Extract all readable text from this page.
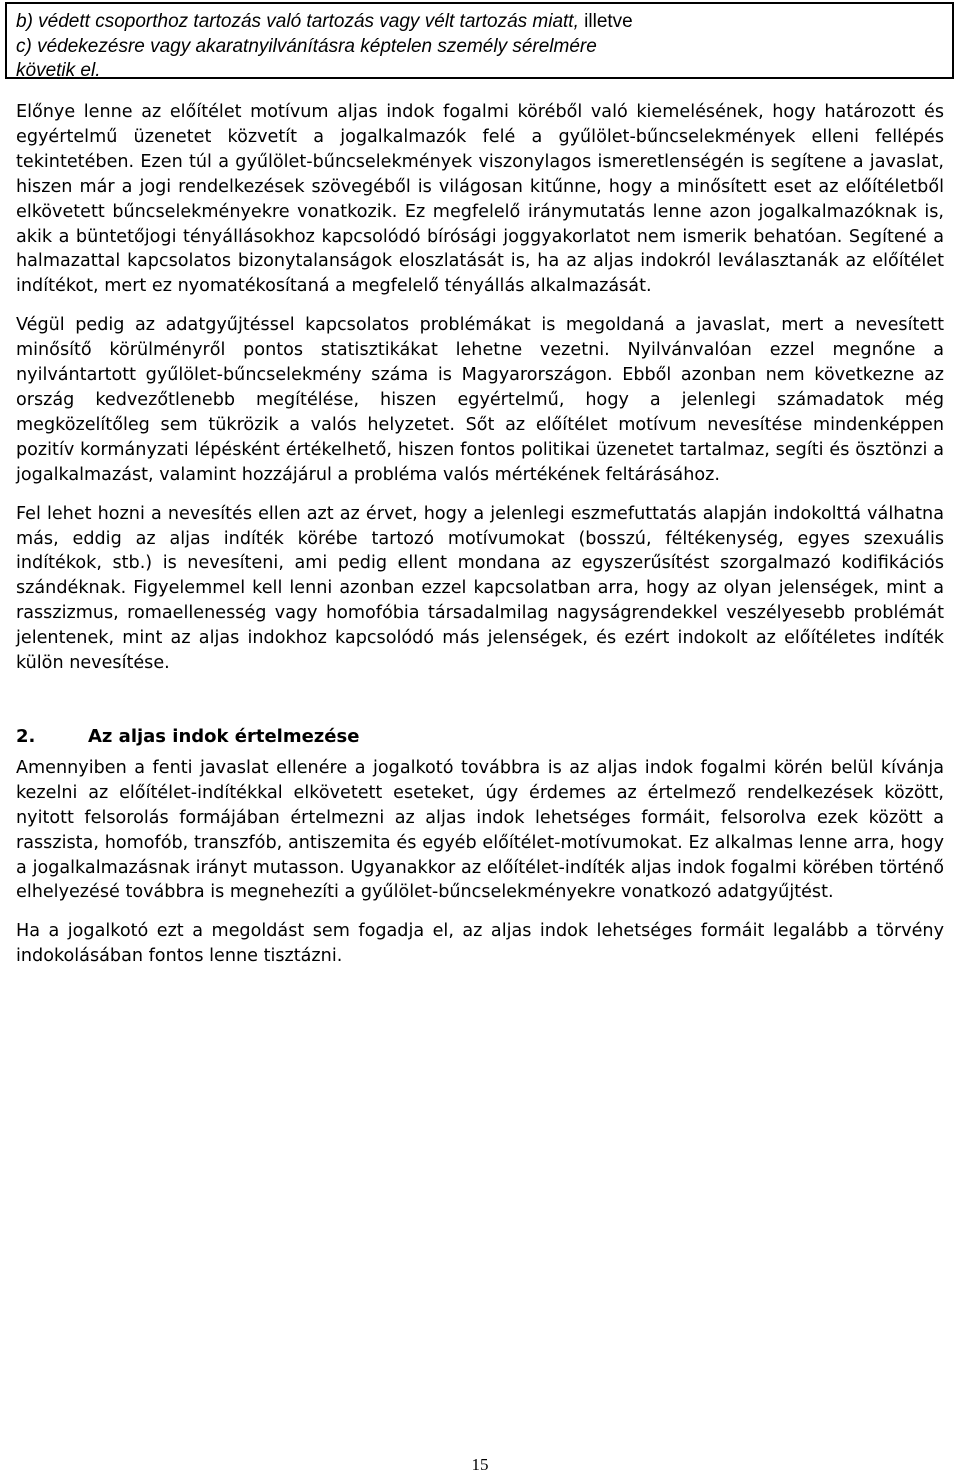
b) védett csoporthoz tartozás való tartozás vagy vélt tartozás miatt, illetve
c) védekezésre vagy akaratnyilvánításra képtelen személy sérelmére
követik el.

Előnye lenne az előítélet motívum aljas indok fogalmi köréből való kiemelésének, hogy határozott és egyértelmű üzenetet közvetít a jogalkalmazók felé a gyűlölet-bűncselekmények elleni fellépés tekintetében. Ezen túl a gyűlölet-bűncselekmények viszonylagos ismeretlenségén is segítene a javaslat, hiszen már a jogi rendelkezések szövegéből is világosan kitűnne, hogy a minősített eset az előítéletből elkövetett bűncselekményekre vonatkozik. Ez megfelelő iránymutatás lenne azon jogalkalmazóknak is, akik a büntetőjogi tényállásokhoz kapcsolódó bírósági joggyakorlatot nem ismerik behatóan. Segítené a halmazattal kapcsolatos bizonytalanságok eloszlatását is, ha az aljas indokról leválasztanák az előítélet indítékot, mert ez nyomatékosítaná a megfelelő tényállás alkalmazását.

Végül pedig az adatgyűjtéssel kapcsolatos problémákat is megoldaná a javaslat, mert a nevesített minősítő körülményről pontos statisztikákat lehetne vezetni. Nyilvánvalóan ezzel megnőne a nyilvántartott gyűlölet-bűncselekmény száma is Magyarországon. Ebből azonban nem következne az ország kedvezőtlenebb megítélése, hiszen egyértelmű, hogy a jelenlegi számadatok még megközelítőleg sem tükrözik a valós helyzetet. Sőt az előítélet motívum nevesítése mindenképpen pozitív kormányzati lépésként értékelhető, hiszen fontos politikai üzenetet tartalmaz, segíti és ösztönzi a jogalkalmazást, valamint hozzájárul a probléma valós mértékének feltárásához.

Fel lehet hozni a nevesítés ellen azt az érvet, hogy a jelenlegi eszmefuttatás alapján indokolttá válhatna más, eddig az aljas indíték körébe tartozó motívumokat (bosszú, féltékenység, egyes szexuális indítékok, stb.) is nevesíteni, ami pedig ellent mondana az egyszerűsítést szorgalmazó kodifikációs szándéknak. Figyelemmel kell lenni azonban ezzel kapcsolatban arra, hogy az olyan jelenségek, mint a rasszizmus, romaellenesség vagy homofóbia társadalmilag nagyságrendekkel veszélyesebb problémát jelentenek, mint az aljas indokhoz kapcsolódó más jelenségek, és ezért indokolt az előítéletes indíték külön nevesítése.

2.	Az aljas indok értelmezése

Amennyiben a fenti javaslat ellenére a jogalkotó továbbra is az aljas indok fogalmi körén belül kívánja kezelni az előítélet-indítékkal elkövetett eseteket, úgy érdemes az értelmező rendelkezések között, nyitott felsorolás formájában értelmezni az aljas indok lehetséges formáit, felsorolva ezek között a rasszista, homofób, transzfób, antiszemita és egyéb előítélet-motívumokat. Ez alkalmas lenne arra, hogy a jogalkalmazásnak irányt mutasson. Ugyanakkor az előítélet-indíték aljas indok fogalmi körében történő elhelyezésé továbbra is megnehezíti a gyűlölet-bűncselekményekre vonatkozó adatgyűjtést.

Ha a jogalkotó ezt a megoldást sem fogadja el, az aljas indok lehetséges formáit legalább a törvény indokolásában fontos lenne tisztázni.

15
